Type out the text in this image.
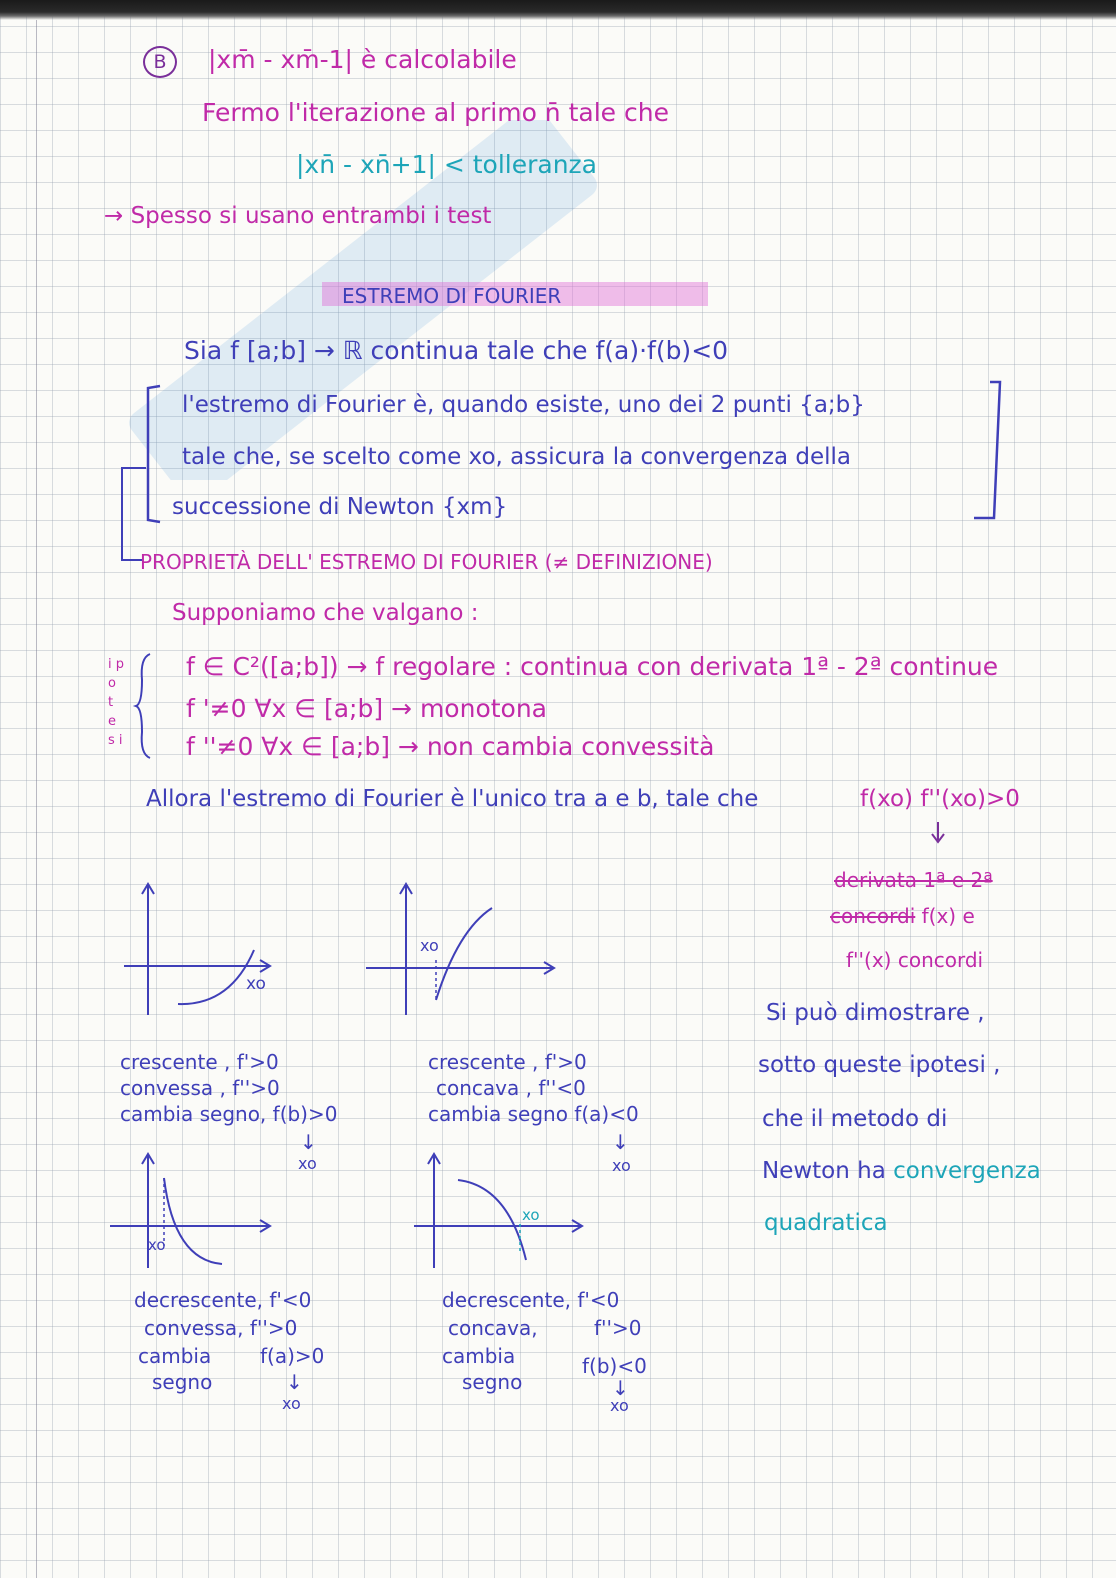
B	|xm̄ - xm̄-1| è calcolabile
Fermo l'iterazione al primo n̄ tale che
|xn̄ - xn̄+1| < tolleranza
→ Spesso si usano entrambi i test
ESTREMO DI FOURIER
Sia f [a;b] → ℝ continua tale che f(a)·f(b)<0
l'estremo di Fourier è, quando esiste, uno dei 2 punti {a;b}
tale che, se scelto come xo, assicura la convergenza della
successione di Newton {xm}
PROPRIETÀ DELL' ESTREMO DI FOURIER (≠ DEFINIZIONE)
Supponiamo che valgano :
i p o t e s i
f ∈ C²([a;b]) → f regolare : continua con derivata 1ª - 2ª continue
f '≠0 ∀x ∈ [a;b] → monotona
f ''≠0 ∀x ∈ [a;b] → non cambia convessità
Allora l'estremo di Fourier è l'unico tra a e b, tale che	f(xo) f''(xo)>0
derivata 1ª e 2ª
concordi f(x) e
f''(x) concordi
Si può dimostrare ,
sotto queste ipotesi ,
che il metodo di
Newton ha convergenza
quadratica
xo
crescente , f'>0
convessa , f''>0
cambia segno, f(b)>0
↓
xo
xo
crescente , f'>0
concava , f''<0
cambia segno f(a)<0
↓
xo
xo
decrescente, f'<0
convessa, f''>0
cambia f(a)>0
segno	↓
xo
xo
decrescente, f'<0
concava,	f''>0
cambia	f(b)<0
segno	↓
xo
